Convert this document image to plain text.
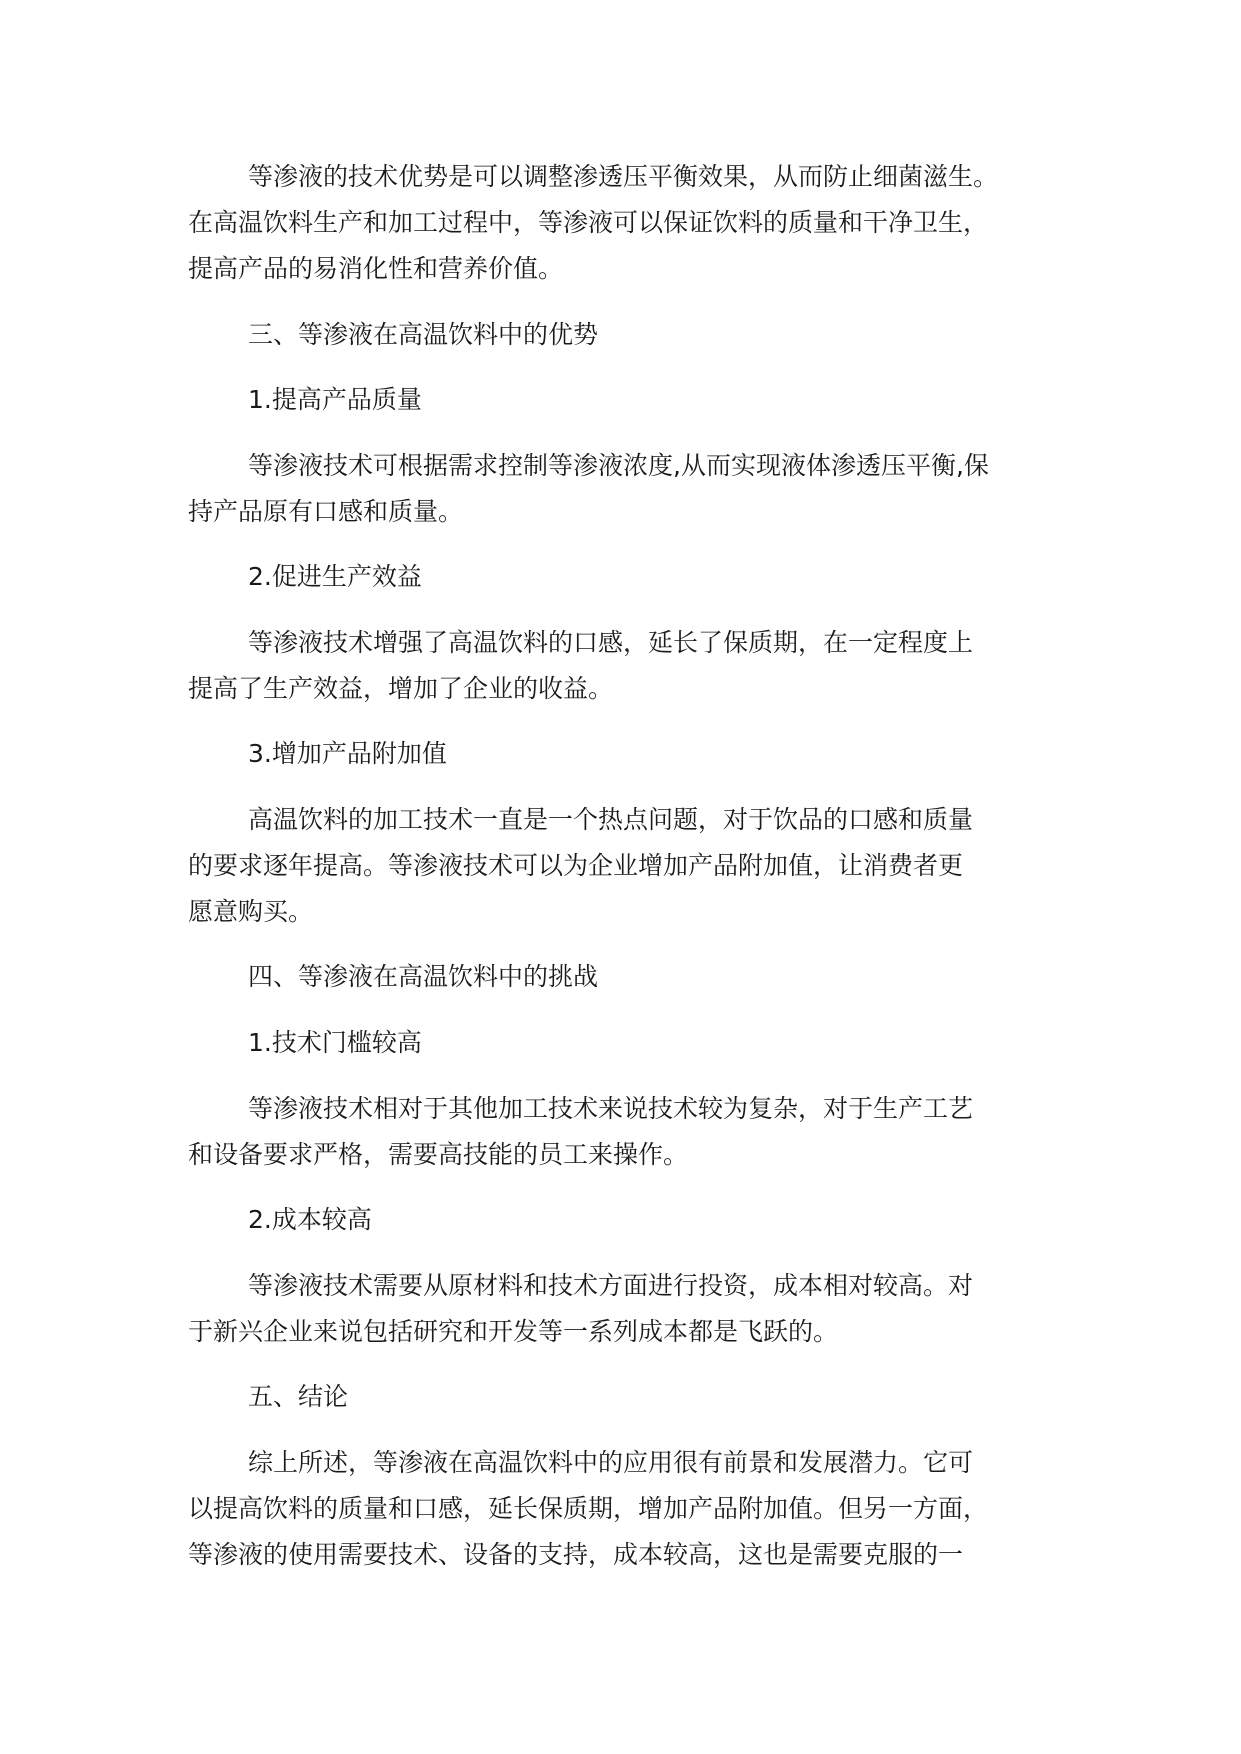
等渗液的技术优势是可以调整渗透压平衡效果，从而防止细菌滋生。
在高温饮料生产和加工过程中，等渗液可以保证饮料的质量和干净卫生，
提高产品的易消化性和营养价值。
三、等渗液在高温饮料中的优势
1.提高产品质量
等渗液技术可根据需求控制等渗液浓度,从而实现液体渗透压平衡,保
持产品原有口感和质量。
2.促进生产效益
等渗液技术增强了高温饮料的口感，延长了保质期，在一定程度上
提高了生产效益，增加了企业的收益。
3.增加产品附加值
高温饮料的加工技术一直是一个热点问题，对于饮品的口感和质量
的要求逐年提高。等渗液技术可以为企业增加产品附加值，让消费者更
愿意购买。
四、等渗液在高温饮料中的挑战
1.技术门槛较高
等渗液技术相对于其他加工技术来说技术较为复杂，对于生产工艺
和设备要求严格，需要高技能的员工来操作。
2.成本较高
等渗液技术需要从原材料和技术方面进行投资，成本相对较高。对
于新兴企业来说包括研究和开发等一系列成本都是飞跃的。
五、结论
综上所述，等渗液在高温饮料中的应用很有前景和发展潜力。它可
以提高饮料的质量和口感，延长保质期，增加产品附加值。但另一方面，
等渗液的使用需要技术、设备的支持，成本较高，这也是需要克服的一
